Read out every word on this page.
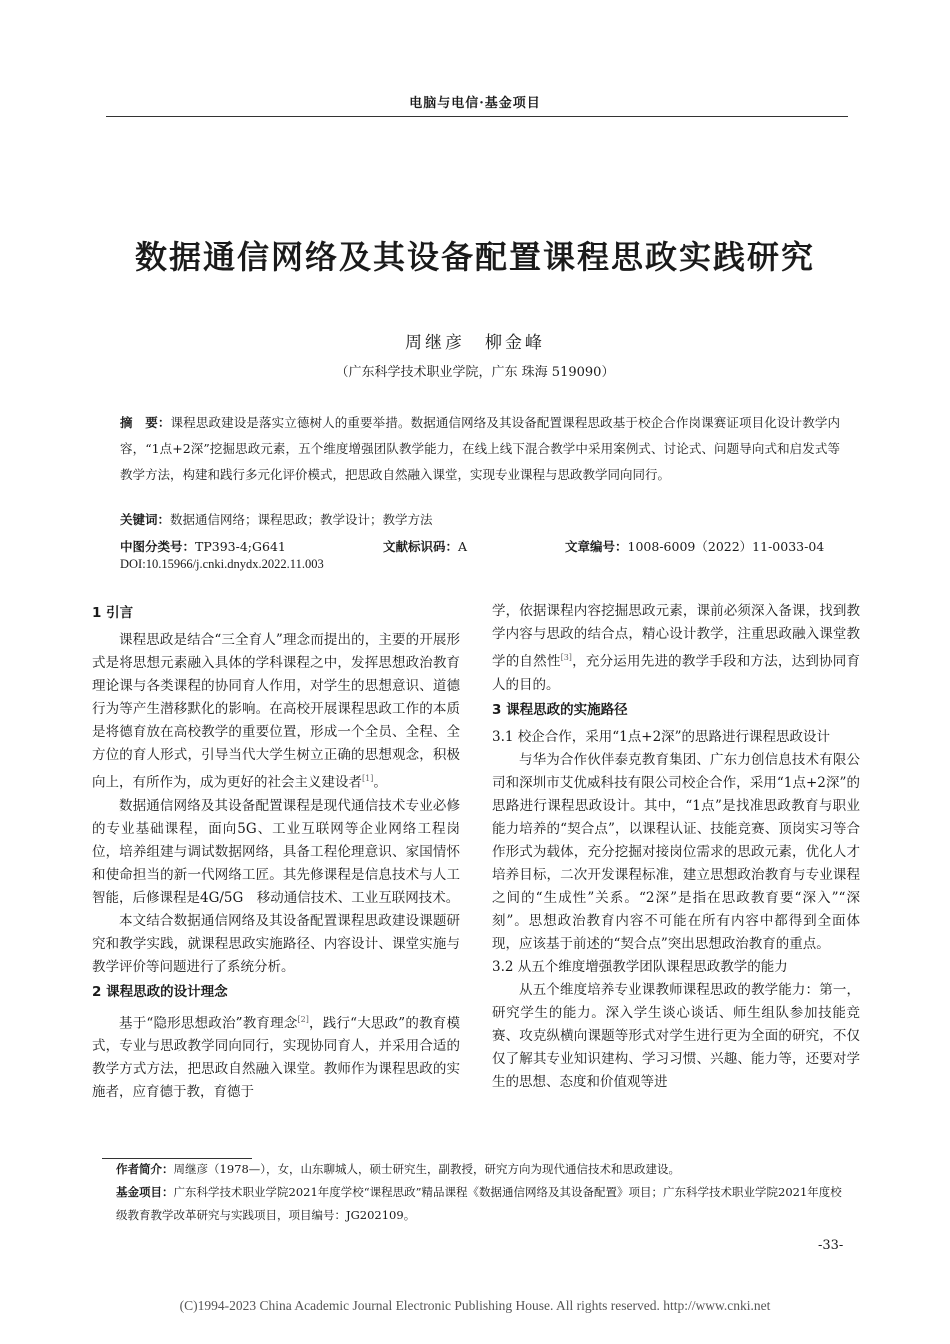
电脑与电信·基金项目
数据通信网络及其设备配置课程思政实践研究
周继彦　柳金峰
（广东科学技术职业学院，广东 珠海 519090）
摘　要：课程思政建设是落实立德树人的重要举措。数据通信网络及其设备配置课程思政基于校企合作岗课赛证项目化设计教学内容，“1点+2深”挖掘思政元素，五个维度增强团队教学能力，在线上线下混合教学中采用案例式、讨论式、问题导向式和启发式等教学方法，构建和践行多元化评价模式，把思政自然融入课堂，实现专业课程与思政教学同向同行。
关键词：数据通信网络；课程思政；教学设计；教学方法
中图分类号：TP393-4;G641	文献标识码：A	文章编号：1008-6009（2022）11-0033-04
DOI:10.15966/j.cnki.dnydx.2022.11.003
1 引言

课程思政是结合“三全育人”理念而提出的，主要的开展形式是将思想元素融入具体的学科课程之中，发挥思想政治教育理论课与各类课程的协同育人作用，对学生的思想意识、道德行为等产生潜移默化的影响。在高校开展课程思政工作的本质是将德育放在高校教学的重要位置，形成一个全员、全程、全方位的育人形式，引导当代大学生树立正确的思想观念，积极向上，有所作为，成为更好的社会主义建设者[1]。

数据通信网络及其设备配置课程是现代通信技术专业必修的专业基础课程，面向5G、工业互联网等企业网络工程岗位，培养组建与调试数据网络，具备工程伦理意识、家国情怀和使命担当的新一代网络工匠。其先修课程是信息技术与人工智能，后修课程是4G/5G　移动通信技术、工业互联网技术。

本文结合数据通信网络及其设备配置课程思政建设课题研究和教学实践，就课程思政实施路径、内容设计、课堂实施与教学评价等问题进行了系统分析。

2 课程思政的设计理念

基于“隐形思想政治”教育理念[2]，践行“大思政”的教育模式，专业与思政教学同向同行，实现协同育人，并采用合适的教学方式方法，把思政自然融入课堂。教师作为课程思政的实施者，应育德于教，育德于

学，依据课程内容挖掘思政元素，课前必须深入备课，找到教学内容与思政的结合点，精心设计教学，注重思政融入课堂教学的自然性[3]，充分运用先进的教学手段和方法，达到协同育人的目的。

3 课程思政的实施路径
3.1 校企合作，采用“1点+2深”的思路进行课程思政设计

与华为合作伙伴泰克教育集团、广东力创信息技术有限公司和深圳市艾优威科技有限公司校企合作，采用“1点+2深”的思路进行课程思政设计。其中，“1点”是找准思政教育与职业能力培养的“契合点”，以课程认证、技能竞赛、顶岗实习等合作形式为载体，充分挖掘对接岗位需求的思政元素，优化人才培养目标，二次开发课程标准，建立思想政治教育与专业课程之间的“生成性”关系。“2深”是指在思政教育要“深入”“深刻”。思想政治教育内容不可能在所有内容中都得到全面体现，应该基于前述的“契合点”突出思想政治教育的重点。

3.2 从五个维度增强教学团队课程思政教学的能力

从五个维度培养专业课教师课程思政的教学能力：第一，研究学生的能力。深入学生谈心谈话、师生组队参加技能竞赛、攻克纵横向课题等形式对学生进行更为全面的研究，不仅仅了解其专业知识建构、学习习惯、兴趣、能力等，还要对学生的思想、态度和价值观等进

作者简介：周继彦（1978—），女，山东聊城人，硕士研究生，副教授，研究方向为现代通信技术和思政建设。
基金项目：广东科学技术职业学院2021年度学校“课程思政”精品课程《数据通信网络及其设备配置》项目；广东科学技术职业学院2021年度校级教育教学改革研究与实践项目，项目编号：JG202109。
-33-
(C)1994-2023 China Academic Journal Electronic Publishing House. All rights reserved. http://www.cnki.net
